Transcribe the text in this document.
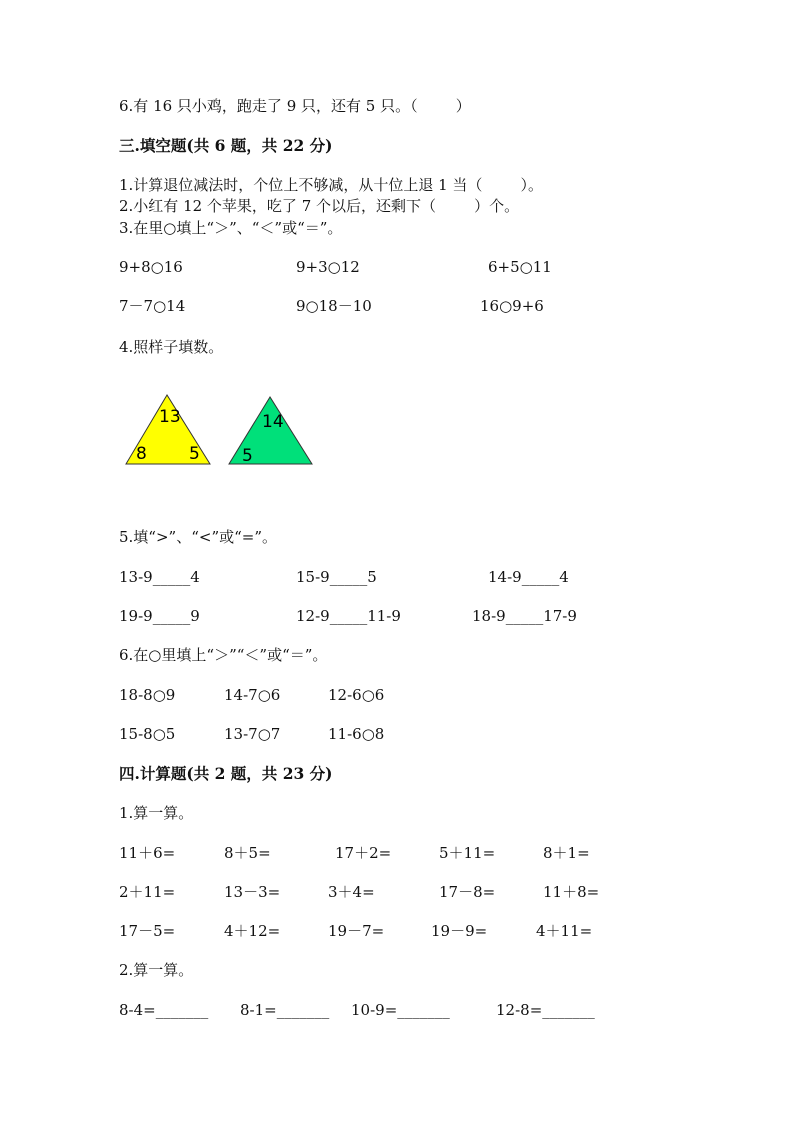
6.有 16 只小鸡，跑走了 9 只，还有 5 只。（        ）
三.填空题(共 6 题，共 22 分)
1.计算退位减法时，个位上不够减，从十位上退 1 当（        ）。
2.小红有 12 个苹果，吃了 7 个以后，还剩下（        ）个。
3.在里○填上“＞”、“＜”或“＝”。
9+8○16	9+3○12	6+5○11
7－7○14	9○18－10	16○9+6
4.照样子填数。
13
8 5
14
5
5.填“>”、“<”或“=”。
13-9_____4	15-9_____5	14-9_____4
19-9_____9	12-9_____11-9	18-9_____17-9
6.在○里填上“＞”“＜”或“＝”。
18-8○9	14-7○6	12-6○6
15-8○5	13-7○7	11-6○8
四.计算题(共 2 题，共 23 分)
1.算一算。
11＋6=	8＋5=	17＋2=	5＋11=	8＋1=
2＋11=	13－3=	3＋4=	17－8=	11＋8=
17－5=	4＋12=	19－7=	19－9=	4＋11=
2.算一算。
8-4=_______ 8-1=_______ 10-9=_______	12-8=_______
